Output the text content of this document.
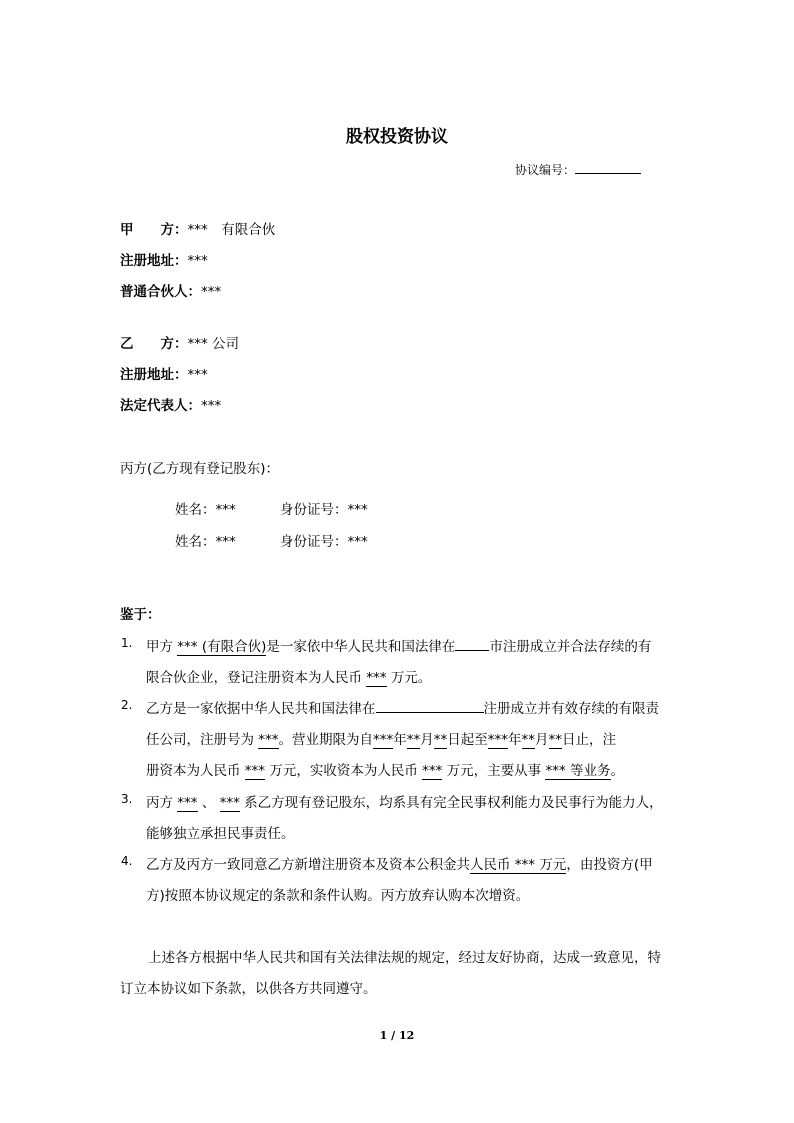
股权投资协议
协议编号：
甲　　方：***　有限合伙
注册地址：***
普通合伙人：***
乙　　方：*** 公司
注册地址：***
法定代表人：***
丙方(乙方现有登记股东)：
姓名：***	身份证号：***
姓名：***	身份证号：***
鉴于：
1. 甲方 *** (有限合伙)是一家依中华人民共和国法律在	市注册成立并合法存续的有
限合伙企业，登记注册资本为人民币 *** 万元。
2. 乙方是一家依据中华人民共和国法律在	注册成立并有效存续的有限责
任公司，注册号为 ***。营业期限为自***年**月**日起至***年**月**日止，注
册资本为人民币 *** 万元，实收资本为人民币 *** 万元，主要从事 *** 等业务。
3. 丙方 *** 、 *** 系乙方现有登记股东，均系具有完全民事权利能力及民事行为能力人，
能够独立承担民事责任。
4. 乙方及丙方一致同意乙方新增注册资本及资本公积金共人民币 *** 万元，由投资方(甲
方)按照本协议规定的条款和条件认购。丙方放弃认购本次增资。
上述各方根据中华人民共和国有关法律法规的规定，经过友好协商，达成一致意见，特
订立本协议如下条款，以供各方共同遵守。
1 / 12
